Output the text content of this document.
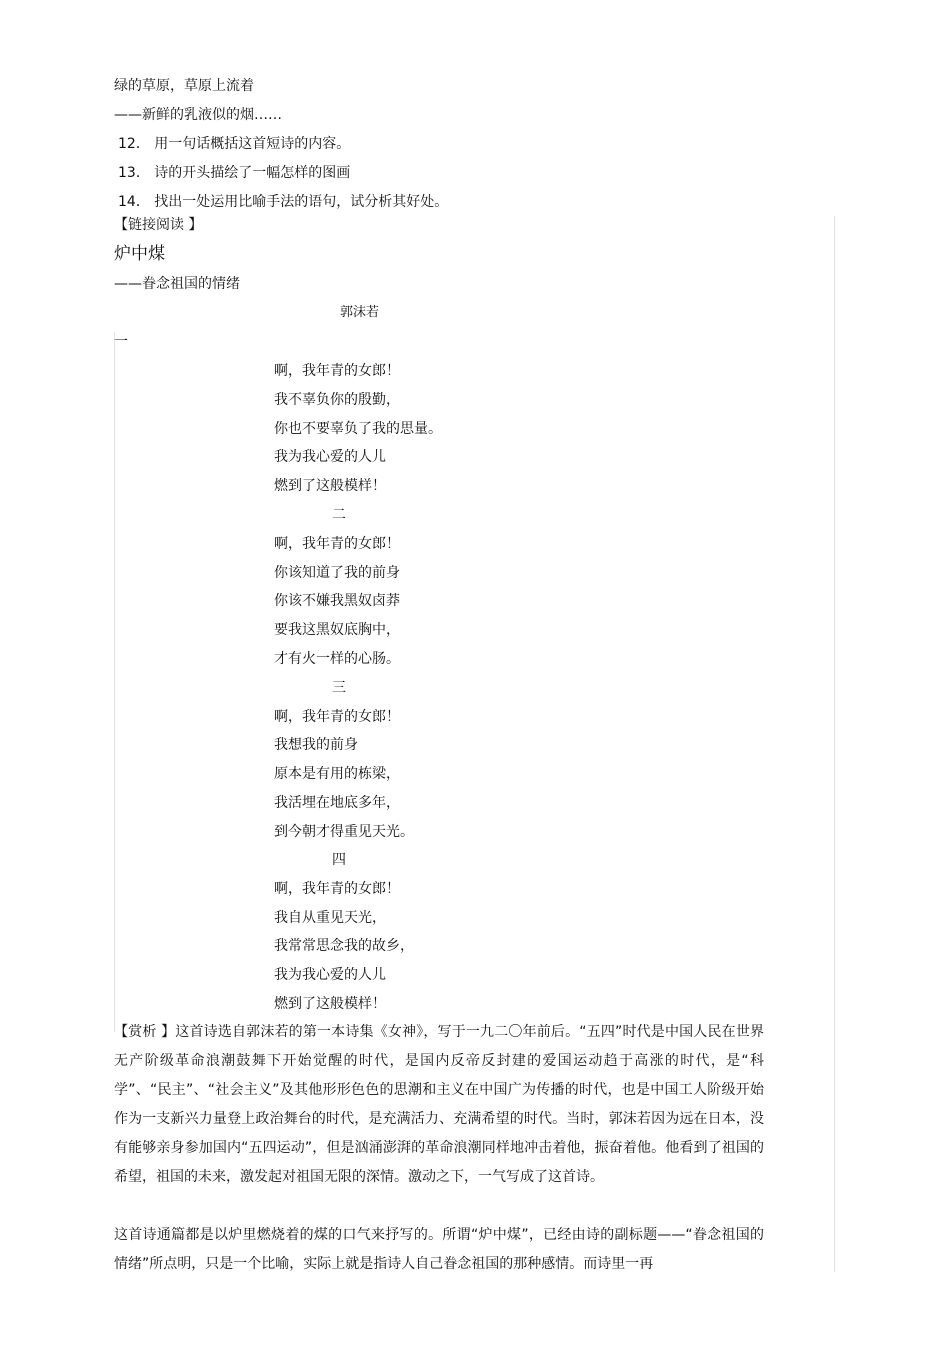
绿的草原，草原上流着
——新鲜的乳液似的烟……
12． 用一句话概括这首短诗的内容。
13． 诗的开头描绘了一幅怎样的图画
14． 找出一处运用比喻手法的语句，试分析其好处。
【链接阅读 】
炉中煤
——眷念祖国的情绪
郭沫若
一
啊，我年青的女郎！
我不辜负你的殷勤，
你也不要辜负了我的思量。
我为我心爱的人儿
燃到了这般模样！
二
啊，我年青的女郎！
你该知道了我的前身
你该不嫌我黑奴卤莽
要我这黑奴底胸中，
才有火一样的心肠。
三
啊，我年青的女郎！
我想我的前身
原本是有用的栋梁，
我活埋在地底多年，
到今朝才得重见天光。
四
啊，我年青的女郎！
我自从重见天光，
我常常思念我的故乡，
我为我心爱的人儿
燃到了这般模样！
【赏析 】这首诗选自郭沫若的第一本诗集《女神》，写于一九二〇年前后。“五四”时代是中国人民在世界无产阶级革命浪潮鼓舞下开始觉醒的时代，是国内反帝反封建的爱国运动趋于高涨的时代，是“科学”、“民主”、“社会主义”及其他形形色色的思潮和主义在中国广为传播的时代，也是中国工人阶级开始作为一支新兴力量登上政治舞台的时代，是充满活力、充满希望的时代。当时，郭沫若因为远在日本，没有能够亲身参加国内“五四运动”，但是汹涌澎湃的革命浪潮同样地冲击着他，振奋着他。他看到了祖国的希望，祖国的未来，激发起对祖国无限的深情。激动之下，一气写成了这首诗。
这首诗通篇都是以炉里燃烧着的煤的口气来抒写的。所谓“炉中煤”，已经由诗的副标题——“眷念祖国的情绪”所点明，只是一个比喻，实际上就是指诗人自己眷念祖国的那种感情。而诗里一再
